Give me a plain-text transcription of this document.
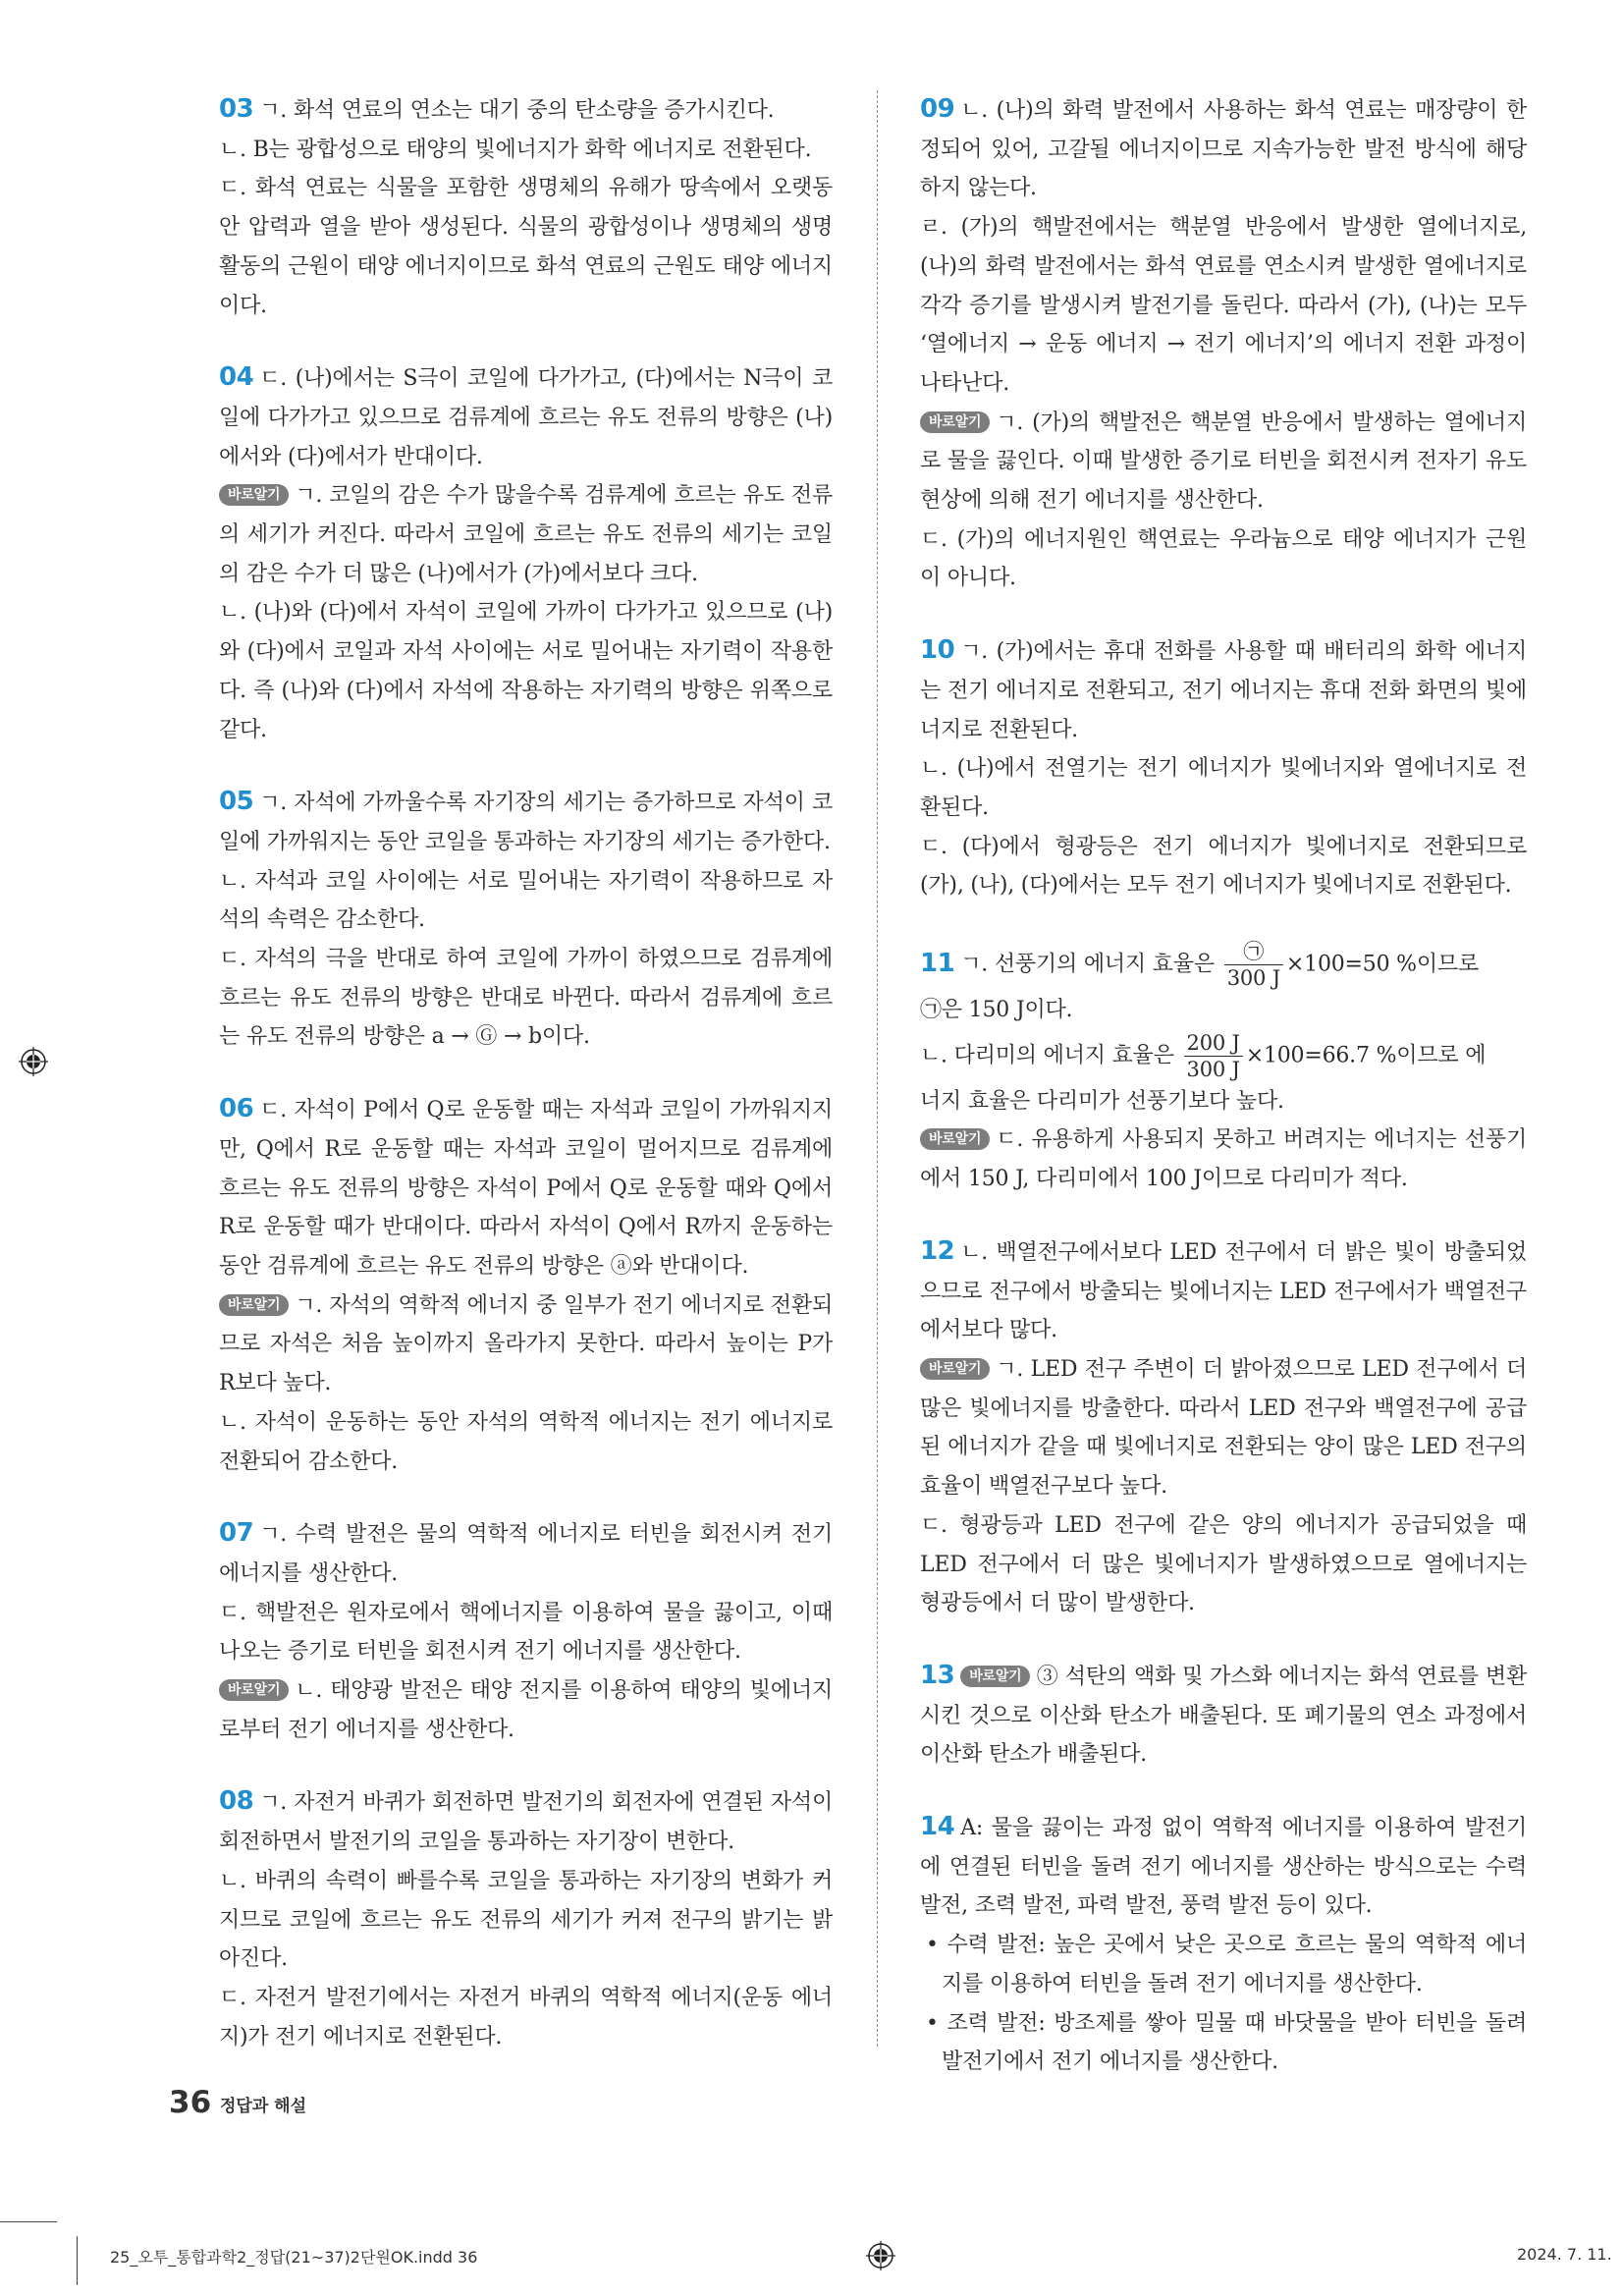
03 ㄱ. 화석 연료의 연소는 대기 중의 탄소량을 증가시킨다.

ㄴ. B는 광합성으로 태양의 빛에너지가 화학 에너지로 전환된다.

ㄷ. 화석 연료는 식물을 포함한 생명체의 유해가 땅속에서 오랫동안 압력과 열을 받아 생성된다. 식물의 광합성이나 생명체의 생명활동의 근원이 태양 에너지이므로 화석 연료의 근원도 태양 에너지이다.

04 ㄷ. (나)에서는 S극이 코일에 다가가고, (다)에서는 N극이 코일에 다가가고 있으므로 검류계에 흐르는 유도 전류의 방향은 (나)에서와 (다)에서가 반대이다.

바로알기 ㄱ. 코일의 감은 수가 많을수록 검류계에 흐르는 유도 전류의 세기가 커진다. 따라서 코일에 흐르는 유도 전류의 세기는 코일의 감은 수가 더 많은 (나)에서가 (가)에서보다 크다.

ㄴ. (나)와 (다)에서 자석이 코일에 가까이 다가가고 있으므로 (나)와 (다)에서 코일과 자석 사이에는 서로 밀어내는 자기력이 작용한다. 즉 (나)와 (다)에서 자석에 작용하는 자기력의 방향은 위쪽으로 같다.

05 ㄱ. 자석에 가까울수록 자기장의 세기는 증가하므로 자석이 코일에 가까워지는 동안 코일을 통과하는 자기장의 세기는 증가한다.

ㄴ. 자석과 코일 사이에는 서로 밀어내는 자기력이 작용하므로 자석의 속력은 감소한다.

ㄷ. 자석의 극을 반대로 하여 코일에 가까이 하였으므로 검류계에 흐르는 유도 전류의 방향은 반대로 바뀐다. 따라서 검류계에 흐르는 유도 전류의 방향은 a → Ⓖ → b이다.

06 ㄷ. 자석이 P에서 Q로 운동할 때는 자석과 코일이 가까워지지만, Q에서 R로 운동할 때는 자석과 코일이 멀어지므로 검류계에 흐르는 유도 전류의 방향은 자석이 P에서 Q로 운동할 때와 Q에서 R로 운동할 때가 반대이다. 따라서 자석이 Q에서 R까지 운동하는 동안 검류계에 흐르는 유도 전류의 방향은 ⓐ와 반대이다.

바로알기 ㄱ. 자석의 역학적 에너지 중 일부가 전기 에너지로 전환되므로 자석은 처음 높이까지 올라가지 못한다. 따라서 높이는 P가 R보다 높다.

ㄴ. 자석이 운동하는 동안 자석의 역학적 에너지는 전기 에너지로 전환되어 감소한다.

07 ㄱ. 수력 발전은 물의 역학적 에너지로 터빈을 회전시켜 전기 에너지를 생산한다.

ㄷ. 핵발전은 원자로에서 핵에너지를 이용하여 물을 끓이고, 이때 나오는 증기로 터빈을 회전시켜 전기 에너지를 생산한다.

바로알기 ㄴ. 태양광 발전은 태양 전지를 이용하여 태양의 빛에너지로부터 전기 에너지를 생산한다.

08 ㄱ. 자전거 바퀴가 회전하면 발전기의 회전자에 연결된 자석이 회전하면서 발전기의 코일을 통과하는 자기장이 변한다.

ㄴ. 바퀴의 속력이 빠를수록 코일을 통과하는 자기장의 변화가 커지므로 코일에 흐르는 유도 전류의 세기가 커져 전구의 밝기는 밝아진다.

ㄷ. 자전거 발전기에서는 자전거 바퀴의 역학적 에너지(운동 에너지)가 전기 에너지로 전환된다.

09 ㄴ. (나)의 화력 발전에서 사용하는 화석 연료는 매장량이 한정되어 있어, 고갈될 에너지이므로 지속가능한 발전 방식에 해당하지 않는다.

ㄹ. (가)의 핵발전에서는 핵분열 반응에서 발생한 열에너지로, (나)의 화력 발전에서는 화석 연료를 연소시켜 발생한 열에너지로 각각 증기를 발생시켜 발전기를 돌린다. 따라서 (가), (나)는 모두 ‘열에너지 → 운동 에너지 → 전기 에너지’의 에너지 전환 과정이 나타난다.

바로알기 ㄱ. (가)의 핵발전은 핵분열 반응에서 발생하는 열에너지로 물을 끓인다. 이때 발생한 증기로 터빈을 회전시켜 전자기 유도 현상에 의해 전기 에너지를 생산한다.

ㄷ. (가)의 에너지원인 핵연료는 우라늄으로 태양 에너지가 근원이 아니다.

10 ㄱ. (가)에서는 휴대 전화를 사용할 때 배터리의 화학 에너지는 전기 에너지로 전환되고, 전기 에너지는 휴대 전화 화면의 빛에너지로 전환된다.

ㄴ. (나)에서 전열기는 전기 에너지가 빛에너지와 열에너지로 전환된다.

ㄷ. (다)에서 형광등은 전기 에너지가 빛에너지로 전환되므로 (가), (나), (다)에서는 모두 전기 에너지가 빛에너지로 전환된다.

11 ㄱ. 선풍기의 에너지 효율은 $\frac{㉠}{300 J} \times 100=50$ %이므로

㉠은 150 J이다.

ㄴ. 다리미의 에너지 효율은 $\frac{200 J}{300 J} \times 100=66.7$ %이므로 에

너지 효율은 다리미가 선풍기보다 높다.

바로알기 ㄷ. 유용하게 사용되지 못하고 버려지는 에너지는 선풍기에서 150 J, 다리미에서 100 J이므로 다리미가 적다.

12 ㄴ. 백열전구에서보다 LED 전구에서 더 밝은 빛이 방출되었으므로 전구에서 방출되는 빛에너지는 LED 전구에서가 백열전구에서보다 많다.

바로알기 ㄱ. LED 전구 주변이 더 밝아졌으므로 LED 전구에서 더 많은 빛에너지를 방출한다. 따라서 LED 전구와 백열전구에 공급된 에너지가 같을 때 빛에너지로 전환되는 양이 많은 LED 전구의 효율이 백열전구보다 높다.

ㄷ. 형광등과 LED 전구에 같은 양의 에너지가 공급되었을 때 LED 전구에서 더 많은 빛에너지가 발생하였으므로 열에너지는 형광등에서 더 많이 발생한다.

13 바로알기 ③ 석탄의 액화 및 가스화 에너지는 화석 연료를 변환시킨 것으로 이산화 탄소가 배출된다. 또 폐기물의 연소 과정에서 이산화 탄소가 배출된다.

14 A: 물을 끓이는 과정 없이 역학적 에너지를 이용하여 발전기에 연결된 터빈을 돌려 전기 에너지를 생산하는 방식으로는 수력 발전, 조력 발전, 파력 발전, 풍력 발전 등이 있다.

• 수력 발전: 높은 곳에서 낮은 곳으로 흐르는 물의 역학적 에너지를 이용하여 터빈을 돌려 전기 에너지를 생산한다.

• 조력 발전: 방조제를 쌓아 밀물 때 바닷물을 받아 터빈을 돌려 발전기에서 전기 에너지를 생산한다.

36 정답과 해설
25_오투_통합과학2_정답(21~37)2단원OK.indd 36	2024. 7. 11.
